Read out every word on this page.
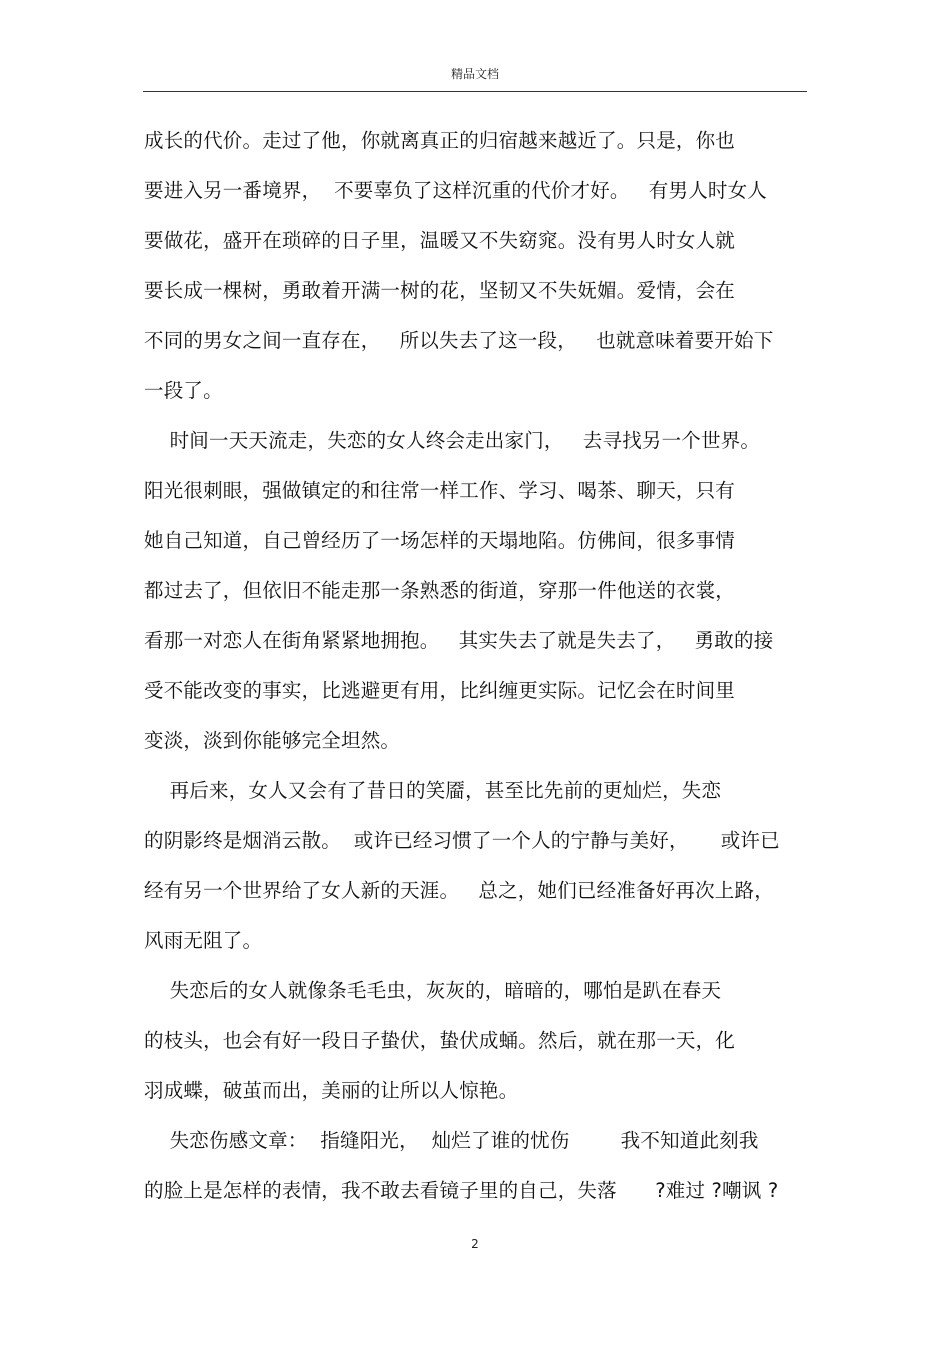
精品文档
成长的代价。走过了他，你就离真正的归宿越来越近了。只是，你也
要进入另一番境界，  不要辜负了这样沉重的代价才好。   有男人时女人
要做花，盛开在琐碎的日子里，温暖又不失窈窕。没有男人时女人就
要长成一棵树，勇敢着开满一树的花，坚韧又不失妩媚。爱情，会在
不同的男女之间一直存在，   所以失去了这一段，   也就意味着要开始下
一段了。
时间一天天流走，失恋的女人终会走出家门，   去寻找另一个世界。
阳光很刺眼，强做镇定的和往常一样工作、学习、喝茶、聊天，只有
她自己知道，自己曾经历了一场怎样的天塌地陷。仿佛间，很多事情
都过去了，但依旧不能走那一条熟悉的街道，穿那一件他送的衣裳，
看那一对恋人在街角紧紧地拥抱。   其实失去了就是失去了，   勇敢的接
受不能改变的事实，比逃避更有用，比纠缠更实际。记忆会在时间里
变淡，淡到你能够完全坦然。
再后来，女人又会有了昔日的笑靥，甚至比先前的更灿烂，失恋
的阴影终是烟消云散。  或许已经习惯了一个人的宁静与美好，     或许已
经有另一个世界给了女人新的天涯。   总之，她们已经准备好再次上路，
风雨无阻了。
失恋后的女人就像条毛毛虫，灰灰的，暗暗的，哪怕是趴在春天
的枝头，也会有好一段日子蛰伏，蛰伏成蛹。然后，就在那一天，化
羽成蝶，破茧而出，美丽的让所以人惊艳。
失恋伤感文章：  指缝阳光，  灿烂了谁的忧伤        我不知道此刻我
的脸上是怎样的表情，我不敢去看镜子里的自己，失落      ?难过 ?嘲讽 ?
2
